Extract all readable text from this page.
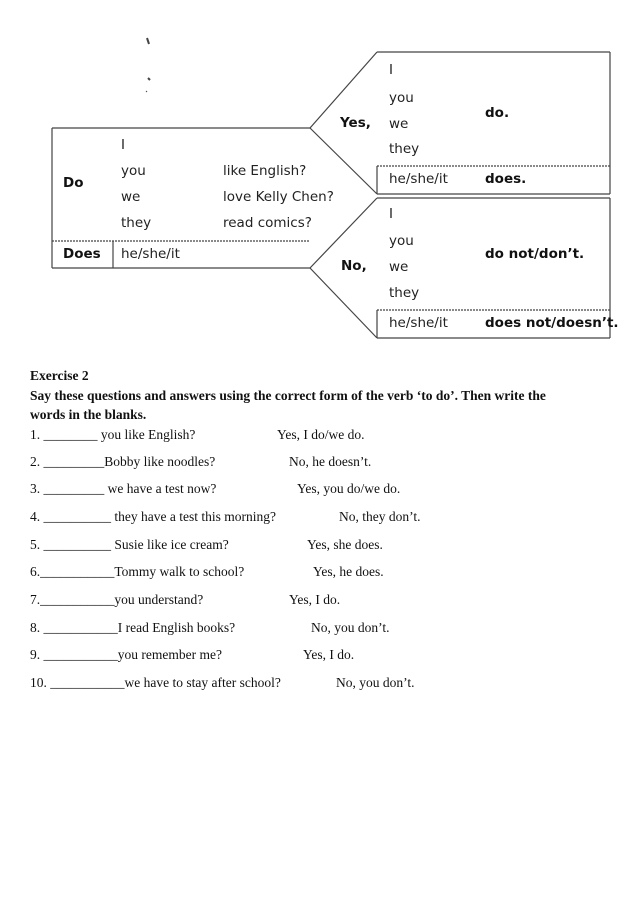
Do
I
you
we
they
like English?
love Kelly Chen?
read comics?
Does he/she/it
Yes,
I
you
we
they
do.
he/she/it	does.
No,
I
you
we
they
do not/don’t.
he/she/it	does not/doesn’t.
Exercise 2
Say these questions and answers using the correct form of the verb ‘to do’. Then write the
words in the blanks.
1. ________ you like English?	Yes, I do/we do.
2. _________Bobby like noodles?	No, he doesn’t.
3. _________ we have a test now?	Yes, you do/we do.
4. __________ they have a test this morning?	No, they don’t.
5. __________ Susie like ice cream?	Yes, she does.
6.___________Tommy walk to school?	Yes, he does.
7.___________you understand?	Yes, I do.
8. ___________I read English books?	No, you don’t.
9. ___________you remember me?	Yes, I do.
10. ___________we have to stay after school?	No, you don’t.
